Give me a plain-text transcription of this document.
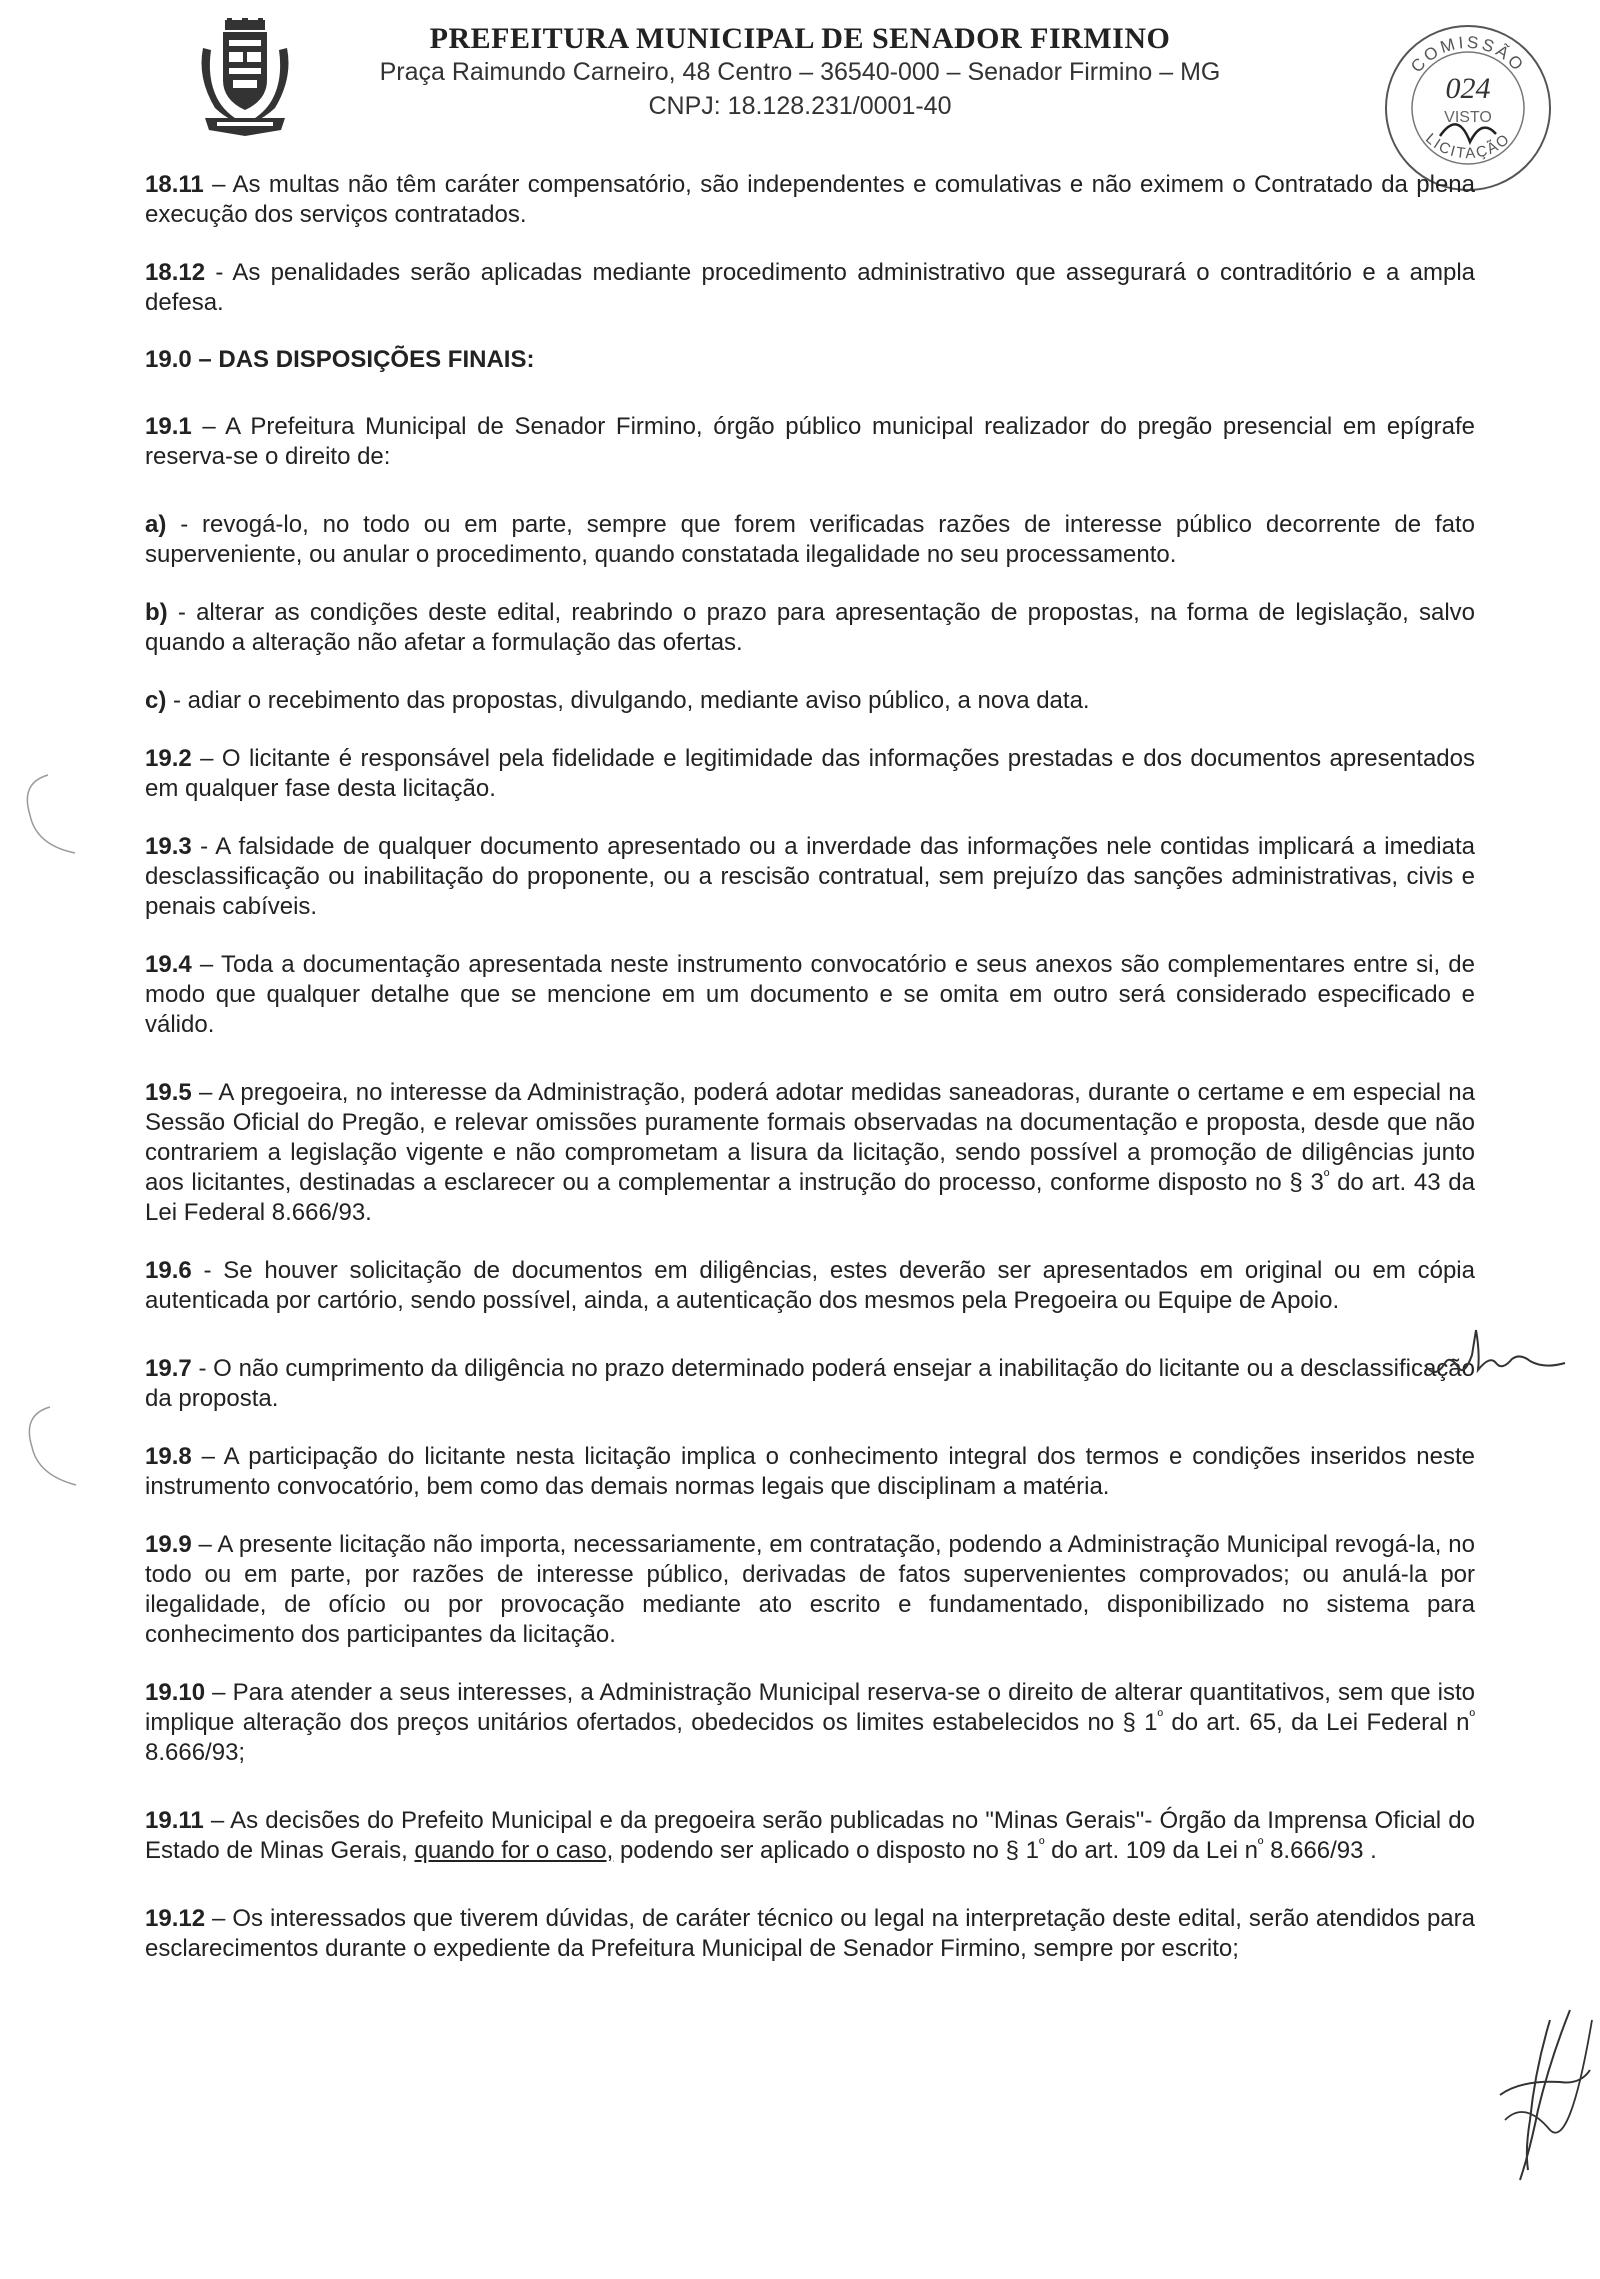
PREFEITURA MUNICIPAL DE SENADOR FIRMINO
Praça Raimundo Carneiro, 48 Centro – 36540-000 – Senador Firmino – MG
CNPJ: 18.128.231/0001-40
COMISSÃO
024
VISTO
LICITAÇÃO

18.11 – As multas não têm caráter compensatório, são independentes e comulativas e não eximem o Contratado da plena execução dos serviços contratados.

18.12 - As penalidades serão aplicadas mediante procedimento administrativo que assegurará o contraditório e a ampla defesa.

19.0 – DAS DISPOSIÇÕES FINAIS:

19.1 – A Prefeitura Municipal de Senador Firmino, órgão público municipal realizador do pregão presencial em epígrafe reserva-se o direito de:

a) - revogá-lo, no todo ou em parte, sempre que forem verificadas razões de interesse público decorrente de fato superveniente, ou anular o procedimento, quando constatada ilegalidade no seu processamento.

b) - alterar as condições deste edital, reabrindo o prazo para apresentação de propostas, na forma de legislação, salvo quando a alteração não afetar a formulação das ofertas.

c) - adiar o recebimento das propostas, divulgando, mediante aviso público, a nova data.

19.2 – O licitante é responsável pela fidelidade e legitimidade das informações prestadas e dos documentos apresentados em qualquer fase desta licitação.

19.3 - A falsidade de qualquer documento apresentado ou a inverdade das informações nele contidas implicará a imediata desclassificação ou inabilitação do proponente, ou a rescisão contratual, sem prejuízo das sanções administrativas, civis e penais cabíveis.

19.4 – Toda a documentação apresentada neste instrumento convocatório e seus anexos são complementares entre si, de modo que qualquer detalhe que se mencione em um documento e se omita em outro será considerado especificado e válido.

19.5 – A pregoeira, no interesse da Administração, poderá adotar medidas saneadoras, durante o certame e em especial na Sessão Oficial do Pregão, e relevar omissões puramente formais observadas na documentação e proposta, desde que não contrariem a legislação vigente e não comprometam a lisura da licitação, sendo possível a promoção de diligências junto aos licitantes, destinadas a esclarecer ou a complementar a instrução do processo, conforme disposto no § $3^º$ do art. 43 da Lei Federal 8.666/93.

19.6 - Se houver solicitação de documentos em diligências, estes deverão ser apresentados em original ou em cópia autenticada por cartório, sendo possível, ainda, a autenticação dos mesmos pela Pregoeira ou Equipe de Apoio.

19.7 - O não cumprimento da diligência no prazo determinado poderá ensejar a inabilitação do licitante ou a desclassificação da proposta.

19.8 – A participação do licitante nesta licitação implica o conhecimento integral dos termos e condições inseridos neste instrumento convocatório, bem como das demais normas legais que disciplinam a matéria.

19.9 – A presente licitação não importa, necessariamente, em contratação, podendo a Administração Municipal revogá-la, no todo ou em parte, por razões de interesse público, derivadas de fatos supervenientes comprovados; ou anulá-la por ilegalidade, de ofício ou por provocação mediante ato escrito e fundamentado, disponibilizado no sistema para conhecimento dos participantes da licitação.

19.10 – Para atender a seus interesses, a Administração Municipal reserva-se o direito de alterar quantitativos, sem que isto implique alteração dos preços unitários ofertados, obedecidos os limites estabelecidos no § $1^º$ do art. 65, da Lei Federal $n^º$ 8.666/93;

19.11 – As decisões do Prefeito Municipal e da pregoeira serão publicadas no "Minas Gerais"- Órgão da Imprensa Oficial do Estado de Minas Gerais, quando for o caso, podendo ser aplicado o disposto no § $1^º$ do art. 109 da Lei $n^º$ 8.666/93 .

19.12 – Os interessados que tiverem dúvidas, de caráter técnico ou legal na interpretação deste edital, serão atendidos para esclarecimentos durante o expediente da Prefeitura Municipal de Senador Firmino, sempre por escrito;
